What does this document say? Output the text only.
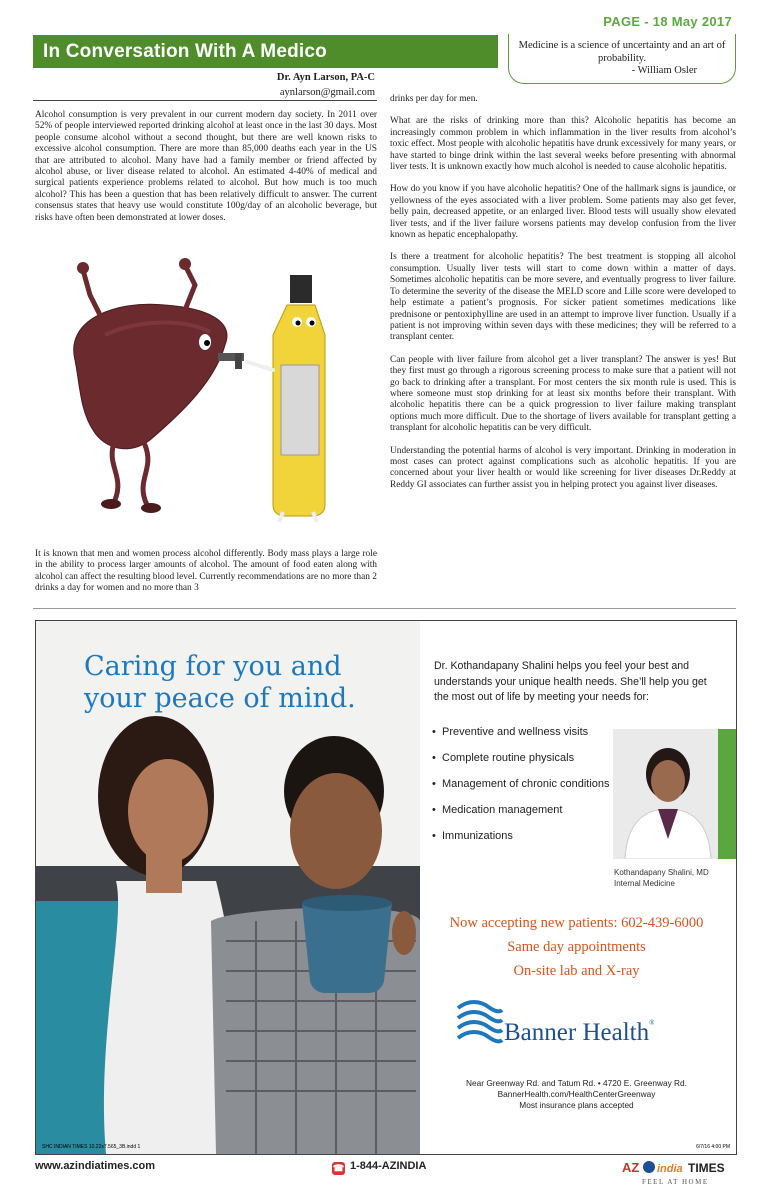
PAGE - 18 May 2017
In Conversation With A Medico	Medicine is a science of uncertainty and an art of probability.
- William Osler
Dr. Ayn Larson, PA-C
aynlarson@gmail.com

Alcohol consumption is very prevalent in our current modern day society. In 2011 over 52% of people interviewed reported drinking alcohol at least once in the last 30 days. Most people consume alcohol without a second thought, but there are well known risks to excessive alcohol consumption. There are more than 85,000 deaths each year in the US that are attributed to alcohol. Many have had a family member or friend affected by alcohol abuse, or liver disease related to alcohol. An estimated 4-40% of medical and surgical patients experience problems related to alcohol. But how much is too much alcohol? This has been a question that has been relatively difficult to answer. The current consensus states that heavy use would constitute 100g/day of an alcoholic beverage, but risks have often been demonstrated at lower doses.

It is known that men and women process alcohol differently. Body mass plays a large role in the ability to process larger amounts of alcohol. The amount of food eaten along with alcohol can affect the resulting blood level. Currently recommendations are no more than 2 drinks a day for women and no more than 3

drinks per day for men.

What are the risks of drinking more than this? Alcoholic hepatitis has become an increasingly common problem in which inflammation in the liver results from alcohol’s toxic effect. Most people with alcoholic hepatitis have drunk excessively for many years, or have started to binge drink within the last several weeks before presenting with abnormal liver tests. It is unknown exactly how much alcohol is needed to cause alcoholic hepatitis.

How do you know if you have alcoholic hepatitis? One of the hallmark signs is jaundice, or yellowness of the eyes associated with a liver problem. Some patients may also get fever, belly pain, decreased appetite, or an enlarged liver. Blood tests will usually show elevated liver tests, and if the liver failure worsens patients may develop confusion from the liver known as hepatic encephalopathy.

Is there a treatment for alcoholic hepatitis? The best treatment is stopping all alcohol consumption. Usually liver tests will start to come down within a matter of days. Sometimes alcoholic hepatitis can be more severe, and eventually progress to liver failure. To determine the severity of the disease the MELD score and Lille score were developed to help estimate a patient’s prognosis. For sicker patient sometimes medications like prednisone or pentoxiphylline are used in an attempt to improve liver function. Usually if a patient is not improving within seven days with these medicines; they will be referred to a transplant center.

Can people with liver failure from alcohol get a liver transplant? The answer is yes! But they first must go through a rigorous screening process to make sure that a patient will not go back to drinking after a transplant. For most centers the six month rule is used. This is where someone must stop drinking for at least six months before their transplant. With alcoholic hepatitis there can be a quick progression to liver failure making transplant options much more difficult. Due to the shortage of livers available for transplant getting a transplant for alcoholic hepatitis can be very difficult.

Understanding the potential harms of alcohol is very important. Drinking in moderation in most cases can protect against complications such as alcoholic hepatitis. If you are concerned about your liver health or would like screening for liver diseases Dr.Reddy at Reddy GI associates can further assist you in helping protect you against liver diseases.

Caring for you and your peace of mind.
Dr. Kothandapany Shalini helps you feel your best and understands your unique health needs. She’ll help you get the most out of life by meeting your needs for:
• Preventive and wellness visits
• Complete routine physicals
• Management of chronic conditions
• Medication management
• Immunizations
Kothandapany Shalini, MD
Internal Medicine
Now accepting new patients: 602-439-6000
Same day appointments
On-site lab and X-ray
Banner Health®
Near Greenway Rd. and Tatum Rd. • 4720 E. Greenway Rd.
BannerHealth.com/HealthCenterGreenway
Most insurance plans accepted
SHC INDIAN TIMES 10.22x7.565_3B.indd 1	6/7/16 4:00 PM
www.azindiatimes.com	☎ 1-844-AZINDIA	AZ india TIMES
FEEL AT HOME
